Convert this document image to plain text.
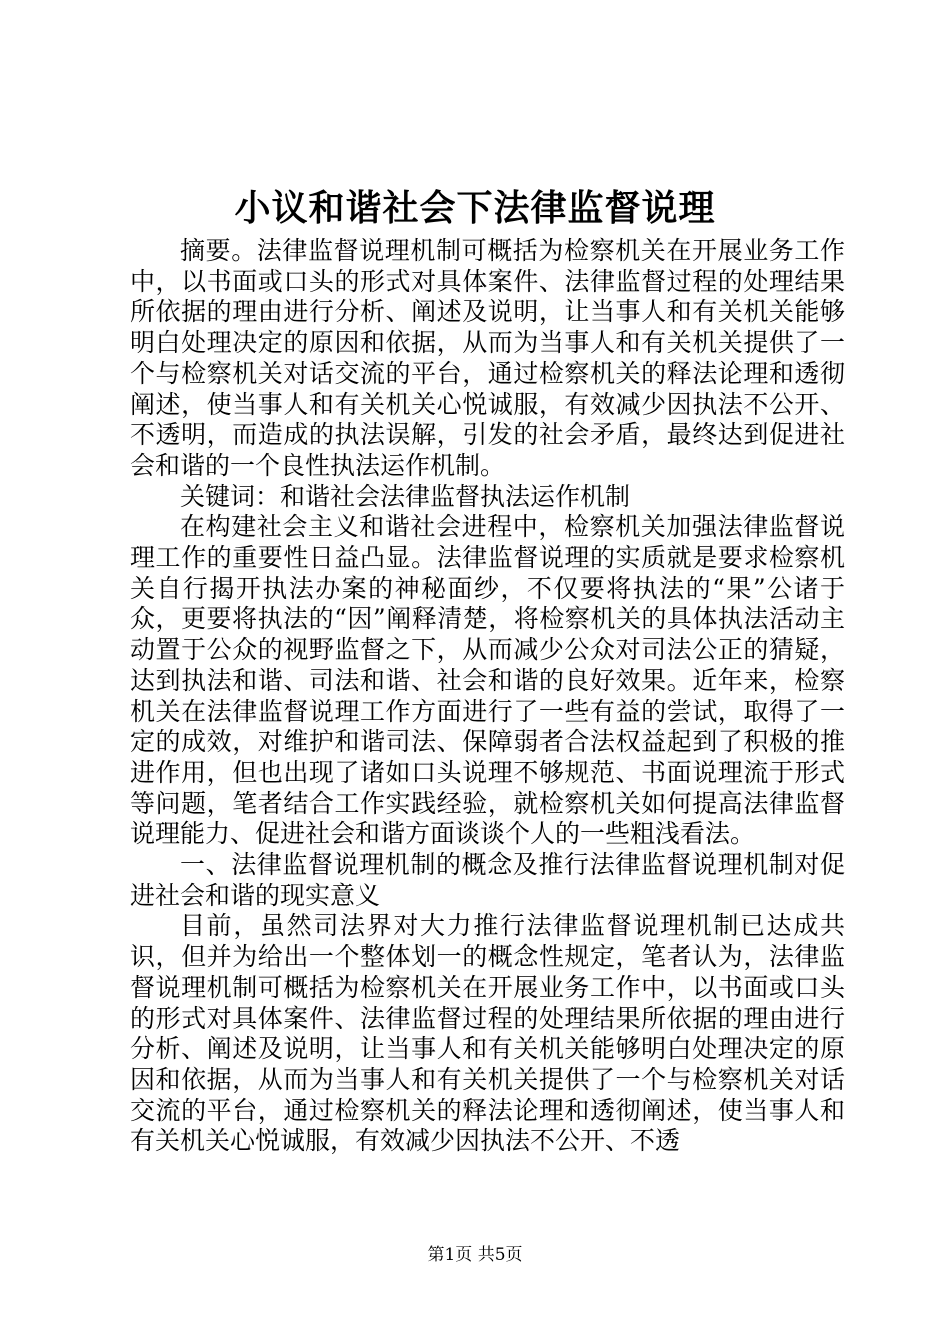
小议和谐社会下法律监督说理

摘要。法律监督说理机制可概括为检察机关在开展业务工作中，以书面或口头的形式对具体案件、法律监督过程的处理结果所依据的理由进行分析、阐述及说明，让当事人和有关机关能够明白处理决定的原因和依据，从而为当事人和有关机关提供了一个与检察机关对话交流的平台，通过检察机关的释法论理和透彻阐述，使当事人和有关机关心悦诚服，有效减少因执法不公开、不透明，而造成的执法误解，引发的社会矛盾，最终达到促进社会和谐的一个良性执法运作机制。

关键词：和谐社会法律监督执法运作机制

在构建社会主义和谐社会进程中，检察机关加强法律监督说理工作的重要性日益凸显。法律监督说理的实质就是要求检察机关自行揭开执法办案的神秘面纱，不仅要将执法的“果”公诸于众，更要将执法的“因”阐释清楚，将检察机关的具体执法活动主动置于公众的视野监督之下，从而减少公众对司法公正的猜疑，达到执法和谐、司法和谐、社会和谐的良好效果。近年来，检察机关在法律监督说理工作方面进行了一些有益的尝试，取得了一定的成效，对维护和谐司法、保障弱者合法权益起到了积极的推进作用，但也出现了诸如口头说理不够规范、书面说理流于形式等问题，笔者结合工作实践经验，就检察机关如何提高法律监督说理能力、促进社会和谐方面谈谈个人的一些粗浅看法。

一、法律监督说理机制的概念及推行法律监督说理机制对促进社会和谐的现实意义

目前，虽然司法界对大力推行法律监督说理机制已达成共识，但并为给出一个整体划一的概念性规定，笔者认为，法律监督说理机制可概括为检察机关在开展业务工作中，以书面或口头的形式对具体案件、法律监督过程的处理结果所依据的理由进行分析、阐述及说明，让当事人和有关机关能够明白处理决定的原因和依据，从而为当事人和有关机关提供了一个与检察机关对话交流的平台，通过检察机关的释法论理和透彻阐述，使当事人和有关机关心悦诚服，有效减少因执法不公开、不透

第1页 共5页
